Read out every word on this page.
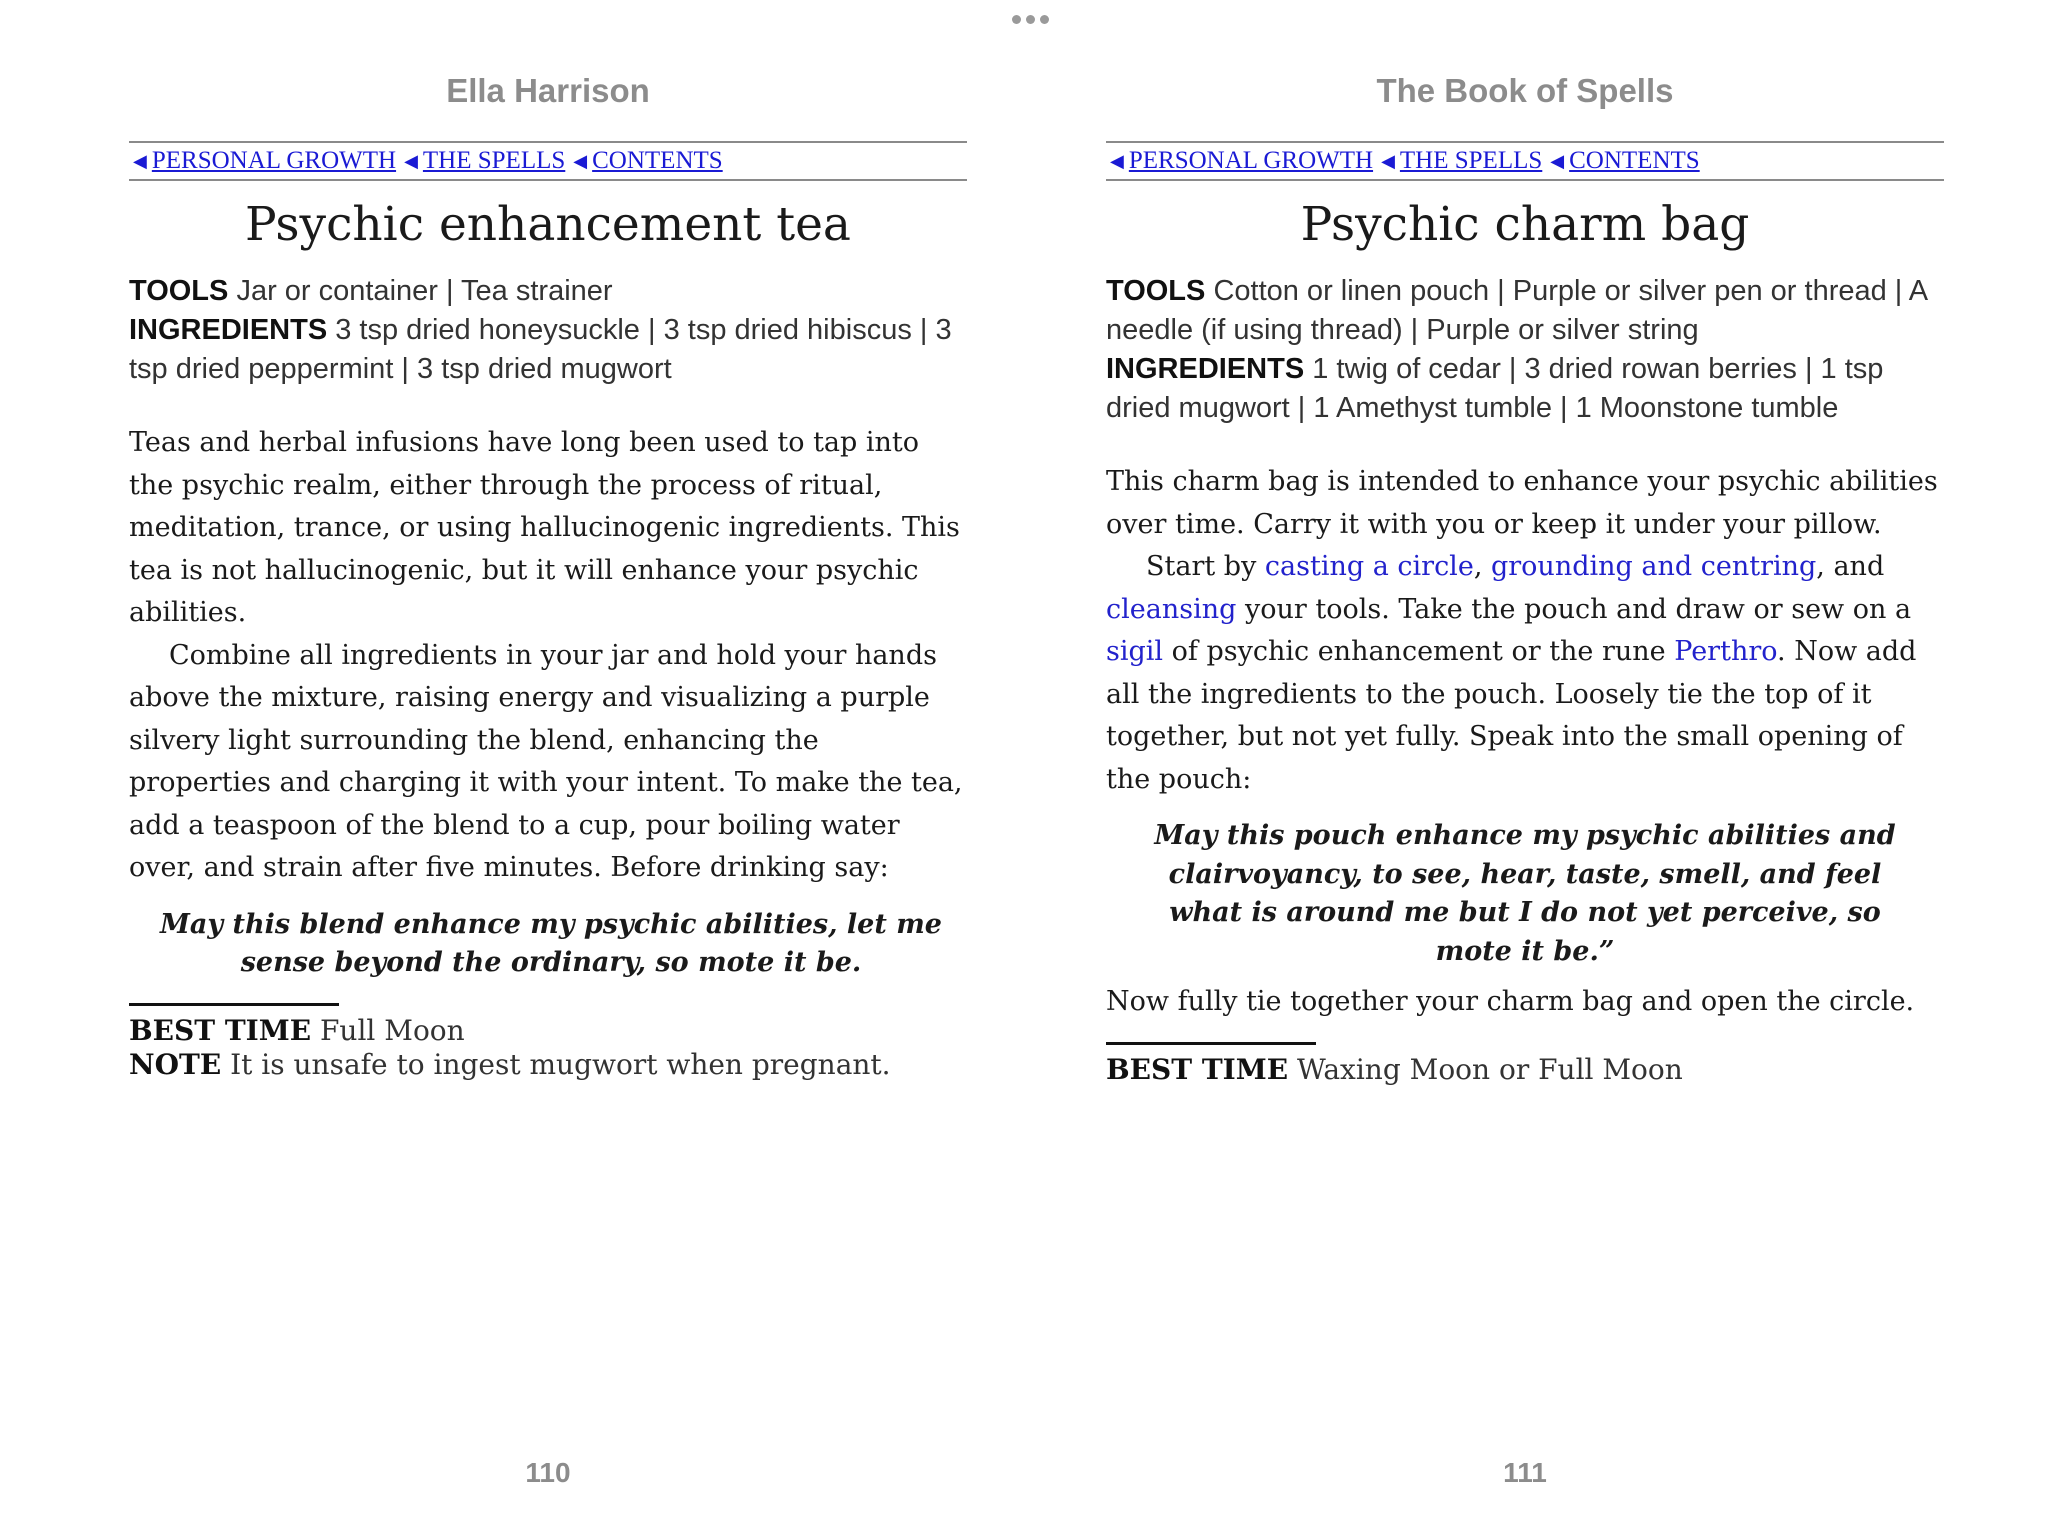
Ella Harrison
◀ PERSONAL GROWTH ◀ THE SPELLS ◀ CONTENTS
Psychic enhancement tea
TOOLS Jar or container | Tea strainer
INGREDIENTS 3 tsp dried honeysuckle | 3 tsp dried hibiscus | 3 tsp dried peppermint | 3 tsp dried mugwort

Teas and herbal infusions have long been used to tap into the psychic realm, either through the process of ritual, meditation, trance, or using hallucinogenic ingredients. This tea is not hallucinogenic, but it will enhance your psychic abilities.

Combine all ingredients in your jar and hold your hands above the mixture, raising energy and visualizing a purple silvery light surrounding the blend, enhancing the properties and charging it with your intent. To make the tea, add a teaspoon of the blend to a cup, pour boiling water over, and strain after five minutes. Before drinking say:

May this blend enhance my psychic abilities, let me sense beyond the ordinary, so mote it be.
BEST TIME Full Moon
NOTE It is unsafe to ingest mugwort when pregnant.
110
The Book of Spells
◀ PERSONAL GROWTH ◀ THE SPELLS ◀ CONTENTS
Psychic charm bag
TOOLS Cotton or linen pouch | Purple or silver pen or thread | A needle (if using thread) | Purple or silver string
INGREDIENTS 1 twig of cedar | 3 dried rowan berries | 1 tsp dried mugwort | 1 Amethyst tumble | 1 Moonstone tumble

This charm bag is intended to enhance your psychic abilities over time. Carry it with you or keep it under your pillow.

Start by casting a circle, grounding and centring, and cleansing your tools. Take the pouch and draw or sew on a sigil of psychic enhancement or the rune Perthro. Now add all the ingredients to the pouch. Loosely tie the top of it together, but not yet fully. Speak into the small opening of the pouch:

May this pouch enhance my psychic abilities and clairvoyancy, to see, hear, taste, smell, and feel what is around me but I do not yet perceive, so mote it be.”
Now fully tie together your charm bag and open the circle.
BEST TIME Waxing Moon or Full Moon
111
